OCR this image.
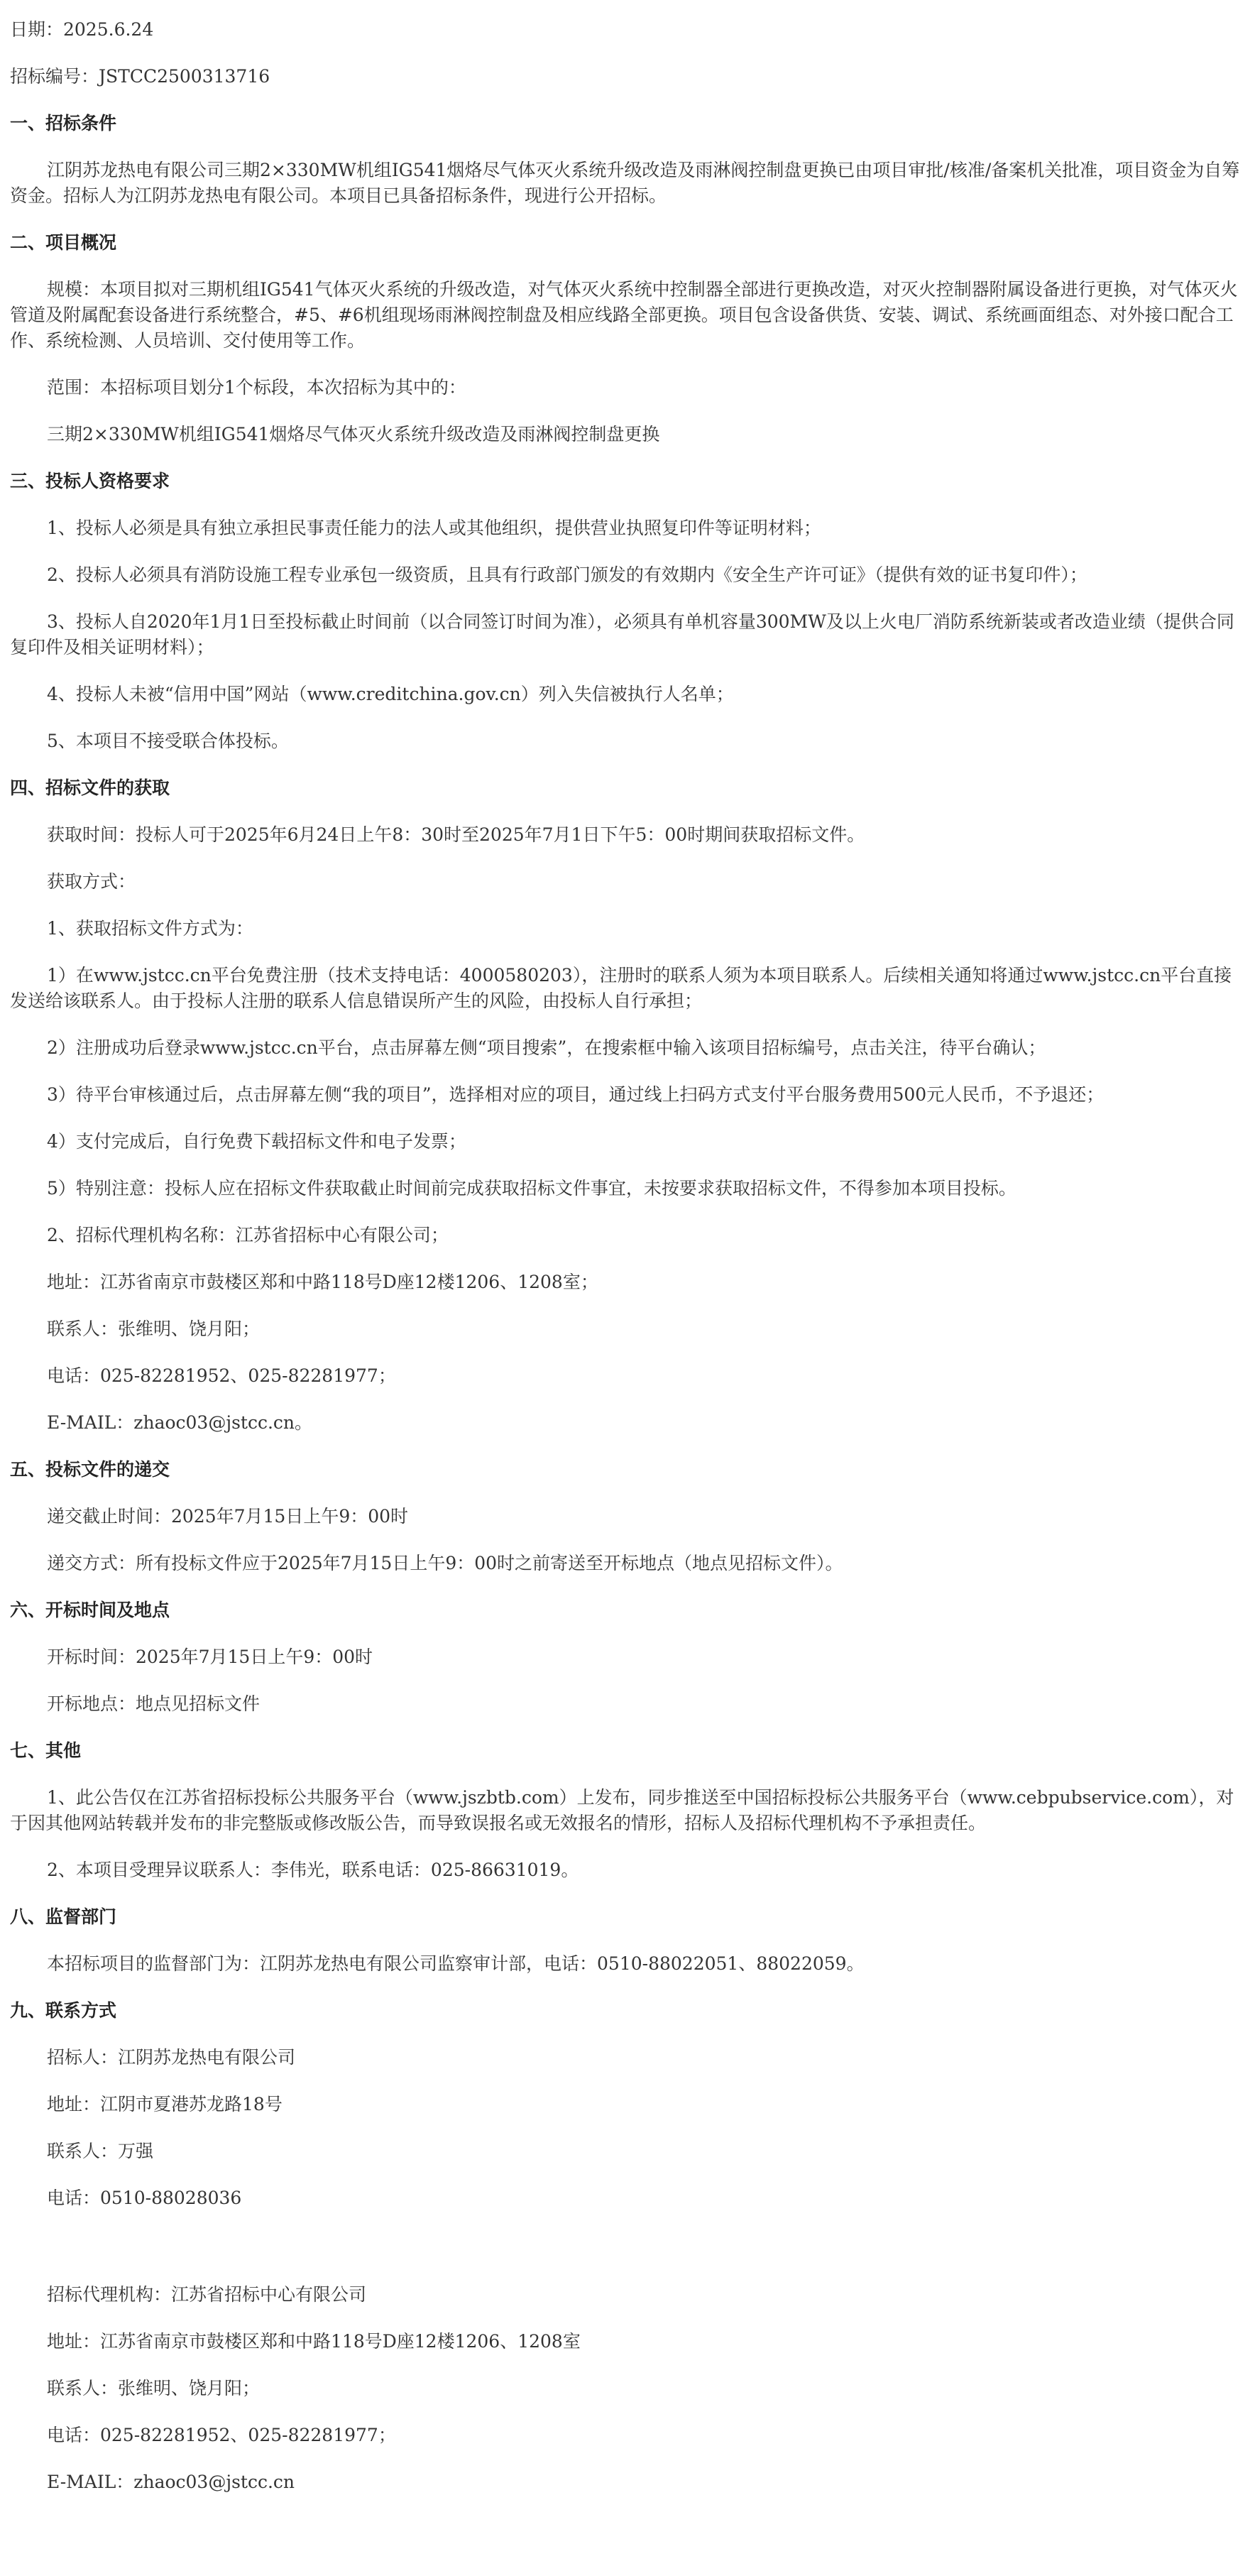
日期：2025.6.24
招标编号：JSTCC2500313716
一、招标条件
江阴苏龙热电有限公司三期2×330MW机组IG541烟烙尽气体灭火系统升级改造及雨淋阀控制盘更换已由项目审批/核准/备案机关批准，项目资金为自筹资金。招标人为江阴苏龙热电有限公司。本项目已具备招标条件，现进行公开招标。
二、项目概况
规模：本项目拟对三期机组IG541气体灭火系统的升级改造，对气体灭火系统中控制器全部进行更换改造，对灭火控制器附属设备进行更换，对气体灭火管道及附属配套设备进行系统整合，#5、#6机组现场雨淋阀控制盘及相应线路全部更换。项目包含设备供货、安装、调试、系统画面组态、对外接口配合工作、系统检测、人员培训、交付使用等工作。
范围：本招标项目划分1个标段，本次招标为其中的：
三期2×330MW机组IG541烟烙尽气体灭火系统升级改造及雨淋阀控制盘更换
三、投标人资格要求
1、投标人必须是具有独立承担民事责任能力的法人或其他组织，提供营业执照复印件等证明材料；
2、投标人必须具有消防设施工程专业承包一级资质，且具有行政部门颁发的有效期内《安全生产许可证》（提供有效的证书复印件）；
3、投标人自2020年1月1日至投标截止时间前（以合同签订时间为准），必须具有单机容量300MW及以上火电厂消防系统新装或者改造业绩（提供合同复印件及相关证明材料）；
4、投标人未被“信用中国”网站（www.creditchina.gov.cn）列入失信被执行人名单；
5、本项目不接受联合体投标。
四、招标文件的获取
获取时间：投标人可于2025年6月24日上午8：30时至2025年7月1日下午5：00时期间获取招标文件。
获取方式：
1、获取招标文件方式为：
1）在www.jstcc.cn平台免费注册（技术支持电话：4000580203），注册时的联系人须为本项目联系人。后续相关通知将通过www.jstcc.cn平台直接发送给该联系人。由于投标人注册的联系人信息错误所产生的风险，由投标人自行承担；
2）注册成功后登录www.jstcc.cn平台，点击屏幕左侧“项目搜索”，在搜索框中输入该项目招标编号，点击关注，待平台确认；
3）待平台审核通过后，点击屏幕左侧“我的项目”，选择相对应的项目，通过线上扫码方式支付平台服务费用500元人民币，不予退还；
4）支付完成后，自行免费下载招标文件和电子发票；
5）特别注意：投标人应在招标文件获取截止时间前完成获取招标文件事宜，未按要求获取招标文件，不得参加本项目投标。
2、招标代理机构名称：江苏省招标中心有限公司；
地址：江苏省南京市鼓楼区郑和中路118号D座12楼1206、1208室；
联系人：张维明、饶月阳；
电话：025-82281952、025-82281977；
E-MAIL：zhaoc03@jstcc.cn。
五、投标文件的递交
递交截止时间：2025年7月15日上午9：00时
递交方式：所有投标文件应于2025年7月15日上午9：00时之前寄送至开标地点（地点见招标文件）。
六、开标时间及地点
开标时间：2025年7月15日上午9：00时
开标地点：地点见招标文件
七、其他
1、此公告仅在江苏省招标投标公共服务平台（www.jszbtb.com）上发布，同步推送至中国招标投标公共服务平台（www.cebpubservice.com），对于因其他网站转载并发布的非完整版或修改版公告，而导致误报名或无效报名的情形，招标人及招标代理机构不予承担责任。
2、本项目受理异议联系人：李伟光，联系电话：025-86631019。
八、监督部门
本招标项目的监督部门为：江阴苏龙热电有限公司监察审计部，电话：0510-88022051、88022059。
九、联系方式
招标人：江阴苏龙热电有限公司
地址：江阴市夏港苏龙路18号
联系人：万强
电话：0510-88028036
招标代理机构：江苏省招标中心有限公司
地址：江苏省南京市鼓楼区郑和中路118号D座12楼1206、1208室
联系人：张维明、饶月阳；
电话：025-82281952、025-82281977；
E-MAIL：zhaoc03@jstcc.cn
